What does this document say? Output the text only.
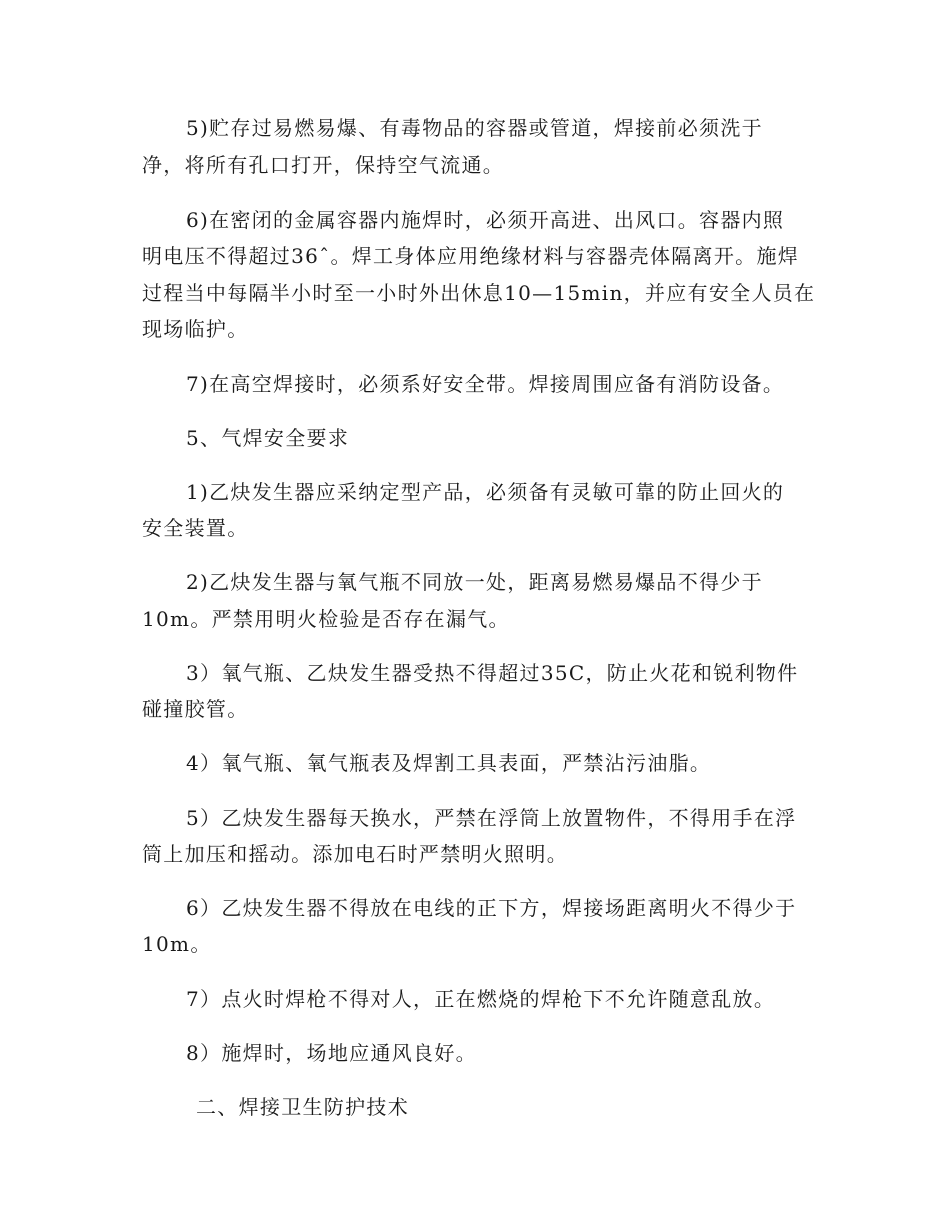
5)贮存过易燃易爆、有毒物品的容器或管道，焊接前必须洗于
净，将所有孔口打开，保持空气流通。
6)在密闭的金属容器内施焊时，必须开高进、出风口。容器内照
明电压不得超过36ˆ。焊工身体应用绝缘材料与容器壳体隔离开。施焊
过程当中每隔半小时至一小时外出休息10—15min，并应有安全人员在
现场临护。
7)在高空焊接时，必须系好安全带。焊接周围应备有消防设备。
5、气焊安全要求
1)乙炔发生器应采纳定型产品，必须备有灵敏可靠的防止回火的
安全装置。
2)乙炔发生器与氧气瓶不同放一处，距离易燃易爆品不得少于
10m。严禁用明火检验是否存在漏气。
3）氧气瓶、乙炔发生器受热不得超过35C，防止火花和锐利物件
碰撞胶管。
4）氧气瓶、氧气瓶表及焊割工具表面，严禁沾污油脂。
5）乙炔发生器每天换水，严禁在浮筒上放置物件，不得用手在浮
筒上加压和摇动。添加电石时严禁明火照明。
6）乙炔发生器不得放在电线的正下方，焊接场距离明火不得少于
10m。
7）点火时焊枪不得对人，正在燃烧的焊枪下不允许随意乱放。
8）施焊时，场地应通风良好。
二、焊接卫生防护技术
